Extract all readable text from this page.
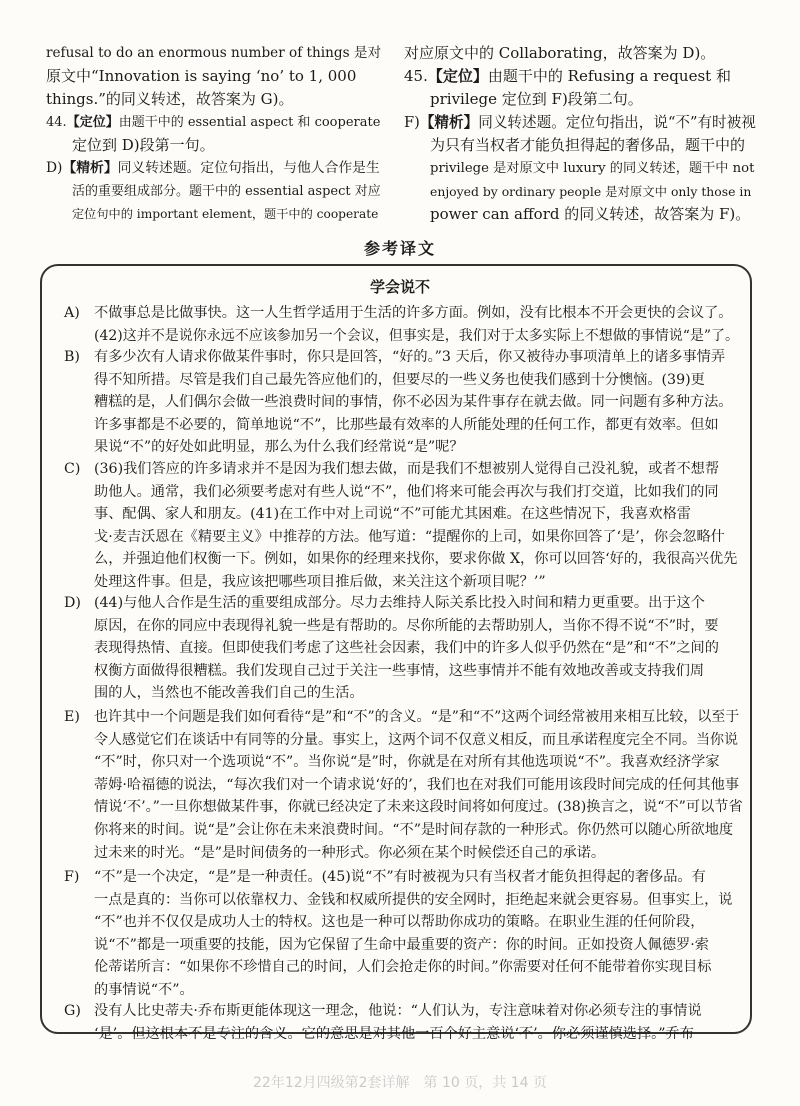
refusal to do an enormous number of things 是对
原文中“Innovation is saying ‘no’ to 1, 000
things.”的同义转述，故答案为 G)。
44.【定位】由题干中的 essential aspect 和 cooperate
定位到 D)段第一句。
D)【精析】同义转述题。定位句指出，与他人合作是生
活的重要组成部分。题干中的 essential aspect 对应
定位句中的 important element，题干中的 cooperate
对应原文中的 Collaborating，故答案为 D)。
45.【定位】由题干中的 Refusing a request 和
privilege 定位到 F)段第二句。
F)【精析】同义转述题。定位句指出，说“不”有时被视
为只有当权者才能负担得起的奢侈品，题干中的
privilege 是对原文中 luxury 的同义转述，题干中 not
enjoyed by ordinary people 是对原文中 only those in
power can afford 的同义转述，故答案为 F)。
参考译文
学会说不
A) 不做事总是比做事快。这一人生哲学适用于生活的许多方面。例如，没有比根本不开会更快的会议了。
(42)这并不是说你永远不应该参加另一个会议，但事实是，我们对于太多实际上不想做的事情说“是”了。
B) 有多少次有人请求你做某件事时，你只是回答，“好的。”3 天后，你又被待办事项清单上的诸多事情弄
得不知所措。尽管是我们自己最先答应他们的，但要尽的一些义务也使我们感到十分懊恼。(39)更
糟糕的是，人们偶尔会做一些浪费时间的事情，你不必因为某件事存在就去做。同一问题有多种方法。
许多事都是不必要的，简单地说“不”，比那些最有效率的人所能处理的任何工作，都更有效率。但如
果说“不”的好处如此明显，那么为什么我们经常说“是”呢？
C) (36)我们答应的许多请求并不是因为我们想去做，而是我们不想被别人觉得自己没礼貌，或者不想帮
助他人。通常，我们必须要考虑对有些人说“不”，他们将来可能会再次与我们打交道，比如我们的同
事、配偶、家人和朋友。(41)在工作中对上司说“不”可能尤其困难。在这些情况下，我喜欢格雷
戈·麦吉沃恩在《精要主义》中推荐的方法。他写道：“提醒你的上司，如果你回答了‘是’，你会忽略什
么，并强迫他们权衡一下。例如，如果你的经理来找你，要求你做 X，你可以回答‘好的，我很高兴优先
处理这件事。但是，我应该把哪些项目推后做，来关注这个新项目呢？’”
D) (44)与他人合作是生活的重要组成部分。尽力去维持人际关系比投入时间和精力更重要。出于这个
原因，在你的同应中表现得礼貌一些是有帮助的。尽你所能的去帮助别人，当你不得不说“不”时，要
表现得热情、直接。但即使我们考虑了这些社会因素，我们中的许多人似乎仍然在“是”和“不”之间的
权衡方面做得很糟糕。我们发现自己过于关注一些事情，这些事情并不能有效地改善或支持我们周
围的人，当然也不能改善我们自己的生活。
E) 也许其中一个问题是我们如何看待“是”和“不”的含义。“是”和“不”这两个词经常被用来相互比较，以至于
令人感觉它们在谈话中有同等的分量。事实上，这两个词不仅意义相反，而且承诺程度完全不同。当你说
“不”时，你只对一个选项说“不”。当你说“是”时，你就是在对所有其他选项说“不”。我喜欢经济学家
蒂姆·哈福德的说法，“每次我们对一个请求说‘好的’，我们也在对我们可能用该段时间完成的任何其他事
情说‘不’。”一旦你想做某件事，你就已经决定了未来这段时间将如何度过。(38)换言之，说“不”可以节省
你将来的时间。说“是”会让你在未来浪费时间。“不”是时间存款的一种形式。你仍然可以随心所欲地度
过未来的时光。“是”是时间债务的一种形式。你必须在某个时候偿还自己的承诺。
F) “不”是一个决定，“是”是一种责任。(45)说“不”有时被视为只有当权者才能负担得起的奢侈品。有
一点是真的：当你可以依靠权力、金钱和权威所提供的安全网时，拒绝起来就会更容易。但事实上，说
“不”也并不仅仅是成功人士的特权。这也是一种可以帮助你成功的策略。在职业生涯的任何阶段，
说“不”都是一项重要的技能，因为它保留了生命中最重要的资产：你的时间。正如投资人佩德罗·索
伦蒂诺所言：“如果你不珍惜自己的时间，人们会抢走你的时间。”你需要对任何不能带着你实现目标
的事情说“不”。
G) 没有人比史蒂夫·乔布斯更能体现这一理念，他说：“人们认为，专注意味着对你必须专注的事情说
‘是’。但这根本不是专注的含义。它的意思是对其他一百个好主意说‘不’。你必须谨慎选择。”乔布
22年12月四级第2套详解　第 10 页，共 14 页
